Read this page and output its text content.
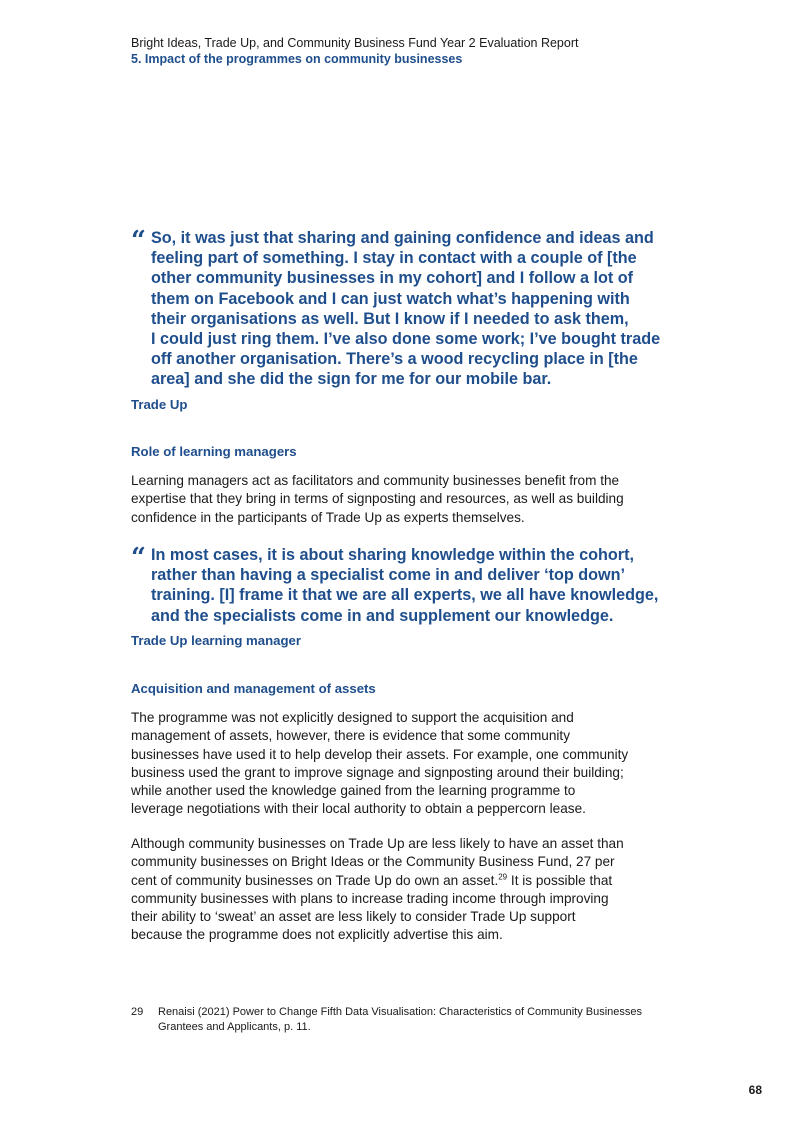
Bright Ideas, Trade Up, and Community Business Fund Year 2 Evaluation Report
5. Impact of the programmes on community businesses
“ So, it was just that sharing and gaining confidence and ideas and
feeling part of something. I stay in contact with a couple of [the
other community businesses in my cohort] and I follow a lot of
them on Facebook and I can just watch what’s happening with
their organisations as well. But I know if I needed to ask them,
I could just ring them. I’ve also done some work; I’ve bought trade
off another organisation. There’s a wood recycling place in [the
area] and she did the sign for me for our mobile bar.
Trade Up
Role of learning managers
Learning managers act as facilitators and community businesses benefit from the
expertise that they bring in terms of signposting and resources, as well as building
confidence in the participants of Trade Up as experts themselves.
“ In most cases, it is about sharing knowledge within the cohort,
rather than having a specialist come in and deliver ‘top down’
training. [I] frame it that we are all experts, we all have knowledge,
and the specialists come in and supplement our knowledge.
Trade Up learning manager
Acquisition and management of assets
The programme was not explicitly designed to support the acquisition and
management of assets, however, there is evidence that some community
businesses have used it to help develop their assets. For example, one community
business used the grant to improve signage and signposting around their building;
while another used the knowledge gained from the learning programme to
leverage negotiations with their local authority to obtain a peppercorn lease.
Although community businesses on Trade Up are less likely to have an asset than
community businesses on Bright Ideas or the Community Business Fund, 27 per
cent of community businesses on Trade Up do own an asset.$^{29}$ It is possible that
community businesses with plans to increase trading income through improving
their ability to ‘sweat’ an asset are less likely to consider Trade Up support
because the programme does not explicitly advertise this aim.
29 Renaisi (2021) Power to Change Fifth Data Visualisation: Characteristics of Community Businesses
Grantees and Applicants, p. 11.
68
